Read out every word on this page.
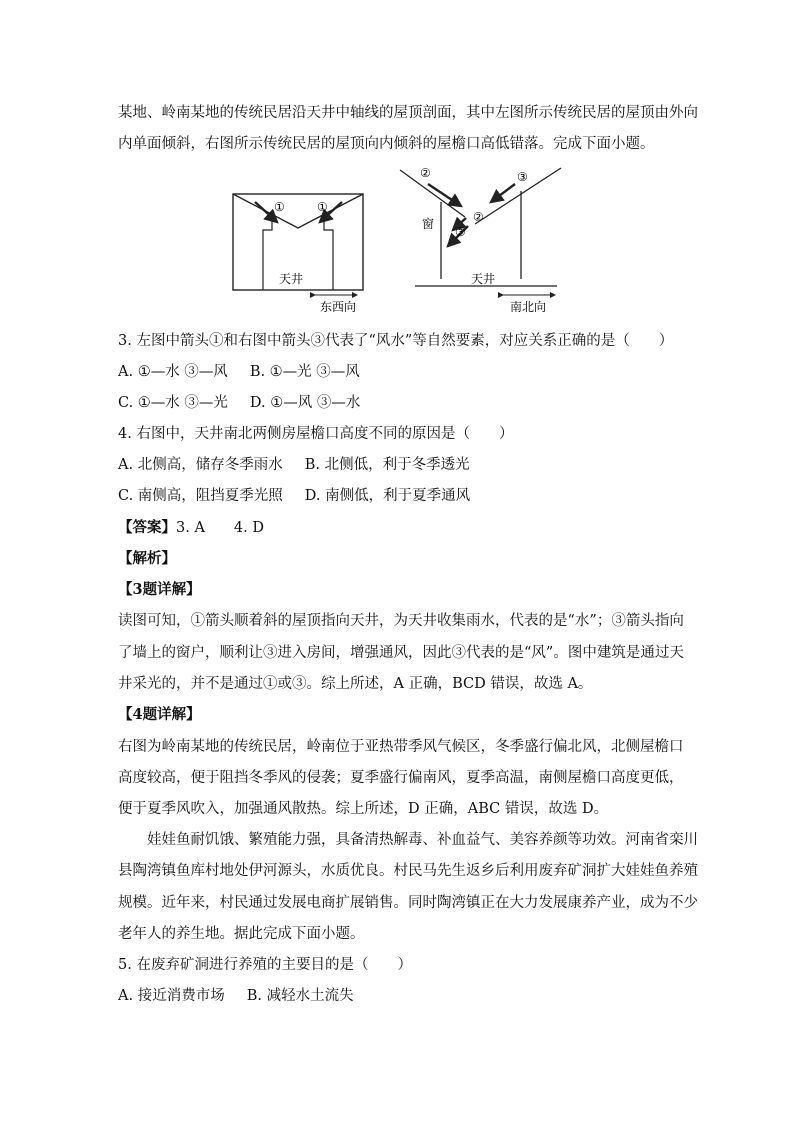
某地、岭南某地的传统民居沿天井中轴线的屋顶剖面，其中左图所示传统民居的屋顶由外向
内单面倾斜，右图所示传统民居的屋顶向内倾斜的屋檐口高低错落。完成下面小题。
①	①
天井
东西向
②
②
③
③
窗
天井
南北向
3. 左图中箭头①和右图中箭头③代表了“风水”等自然要素，对应关系正确的是（　　）
A. ①—水 ③—风 B. ①—光 ③—风
C. ①—水 ③—光 D. ①—风 ③—水
4. 右图中，天井南北两侧房屋檐口高度不同的原因是（　　）
A. 北侧高，储存冬季雨水 B. 北侧低，利于冬季透光
C. 南侧高，阻挡夏季光照 D. 南侧低，利于夏季通风
【答案】3. A　　4. D
【解析】
【3题详解】
读图可知，①箭头顺着斜的屋顶指向天井，为天井收集雨水，代表的是“水”；③箭头指向
了墙上的窗户，顺利让③进入房间，增强通风，因此③代表的是“风”。图中建筑是通过天
井采光的，并不是通过①或③。综上所述，A 正确，BCD 错误，故选 A。
【4题详解】
右图为岭南某地的传统民居，岭南位于亚热带季风气候区，冬季盛行偏北风，北侧屋檐口
高度较高，便于阻挡冬季风的侵袭；夏季盛行偏南风，夏季高温，南侧屋檐口高度更低，
便于夏季风吹入，加强通风散热。综上所述，D 正确，ABC 错误，故选 D。
娃娃鱼耐饥饿、繁殖能力强，具备清热解毒、补血益气、美容养颜等功效。河南省栾川
县陶湾镇鱼库村地处伊河源头，水质优良。村民马先生返乡后利用废弃矿洞扩大娃娃鱼养殖
规模。近年来，村民通过发展电商扩展销售。同时陶湾镇正在大力发展康养产业，成为不少
老年人的养生地。据此完成下面小题。
5. 在废弃矿洞进行养殖的主要目的是（　　）
A. 接近消费市场 B. 减轻水土流失
